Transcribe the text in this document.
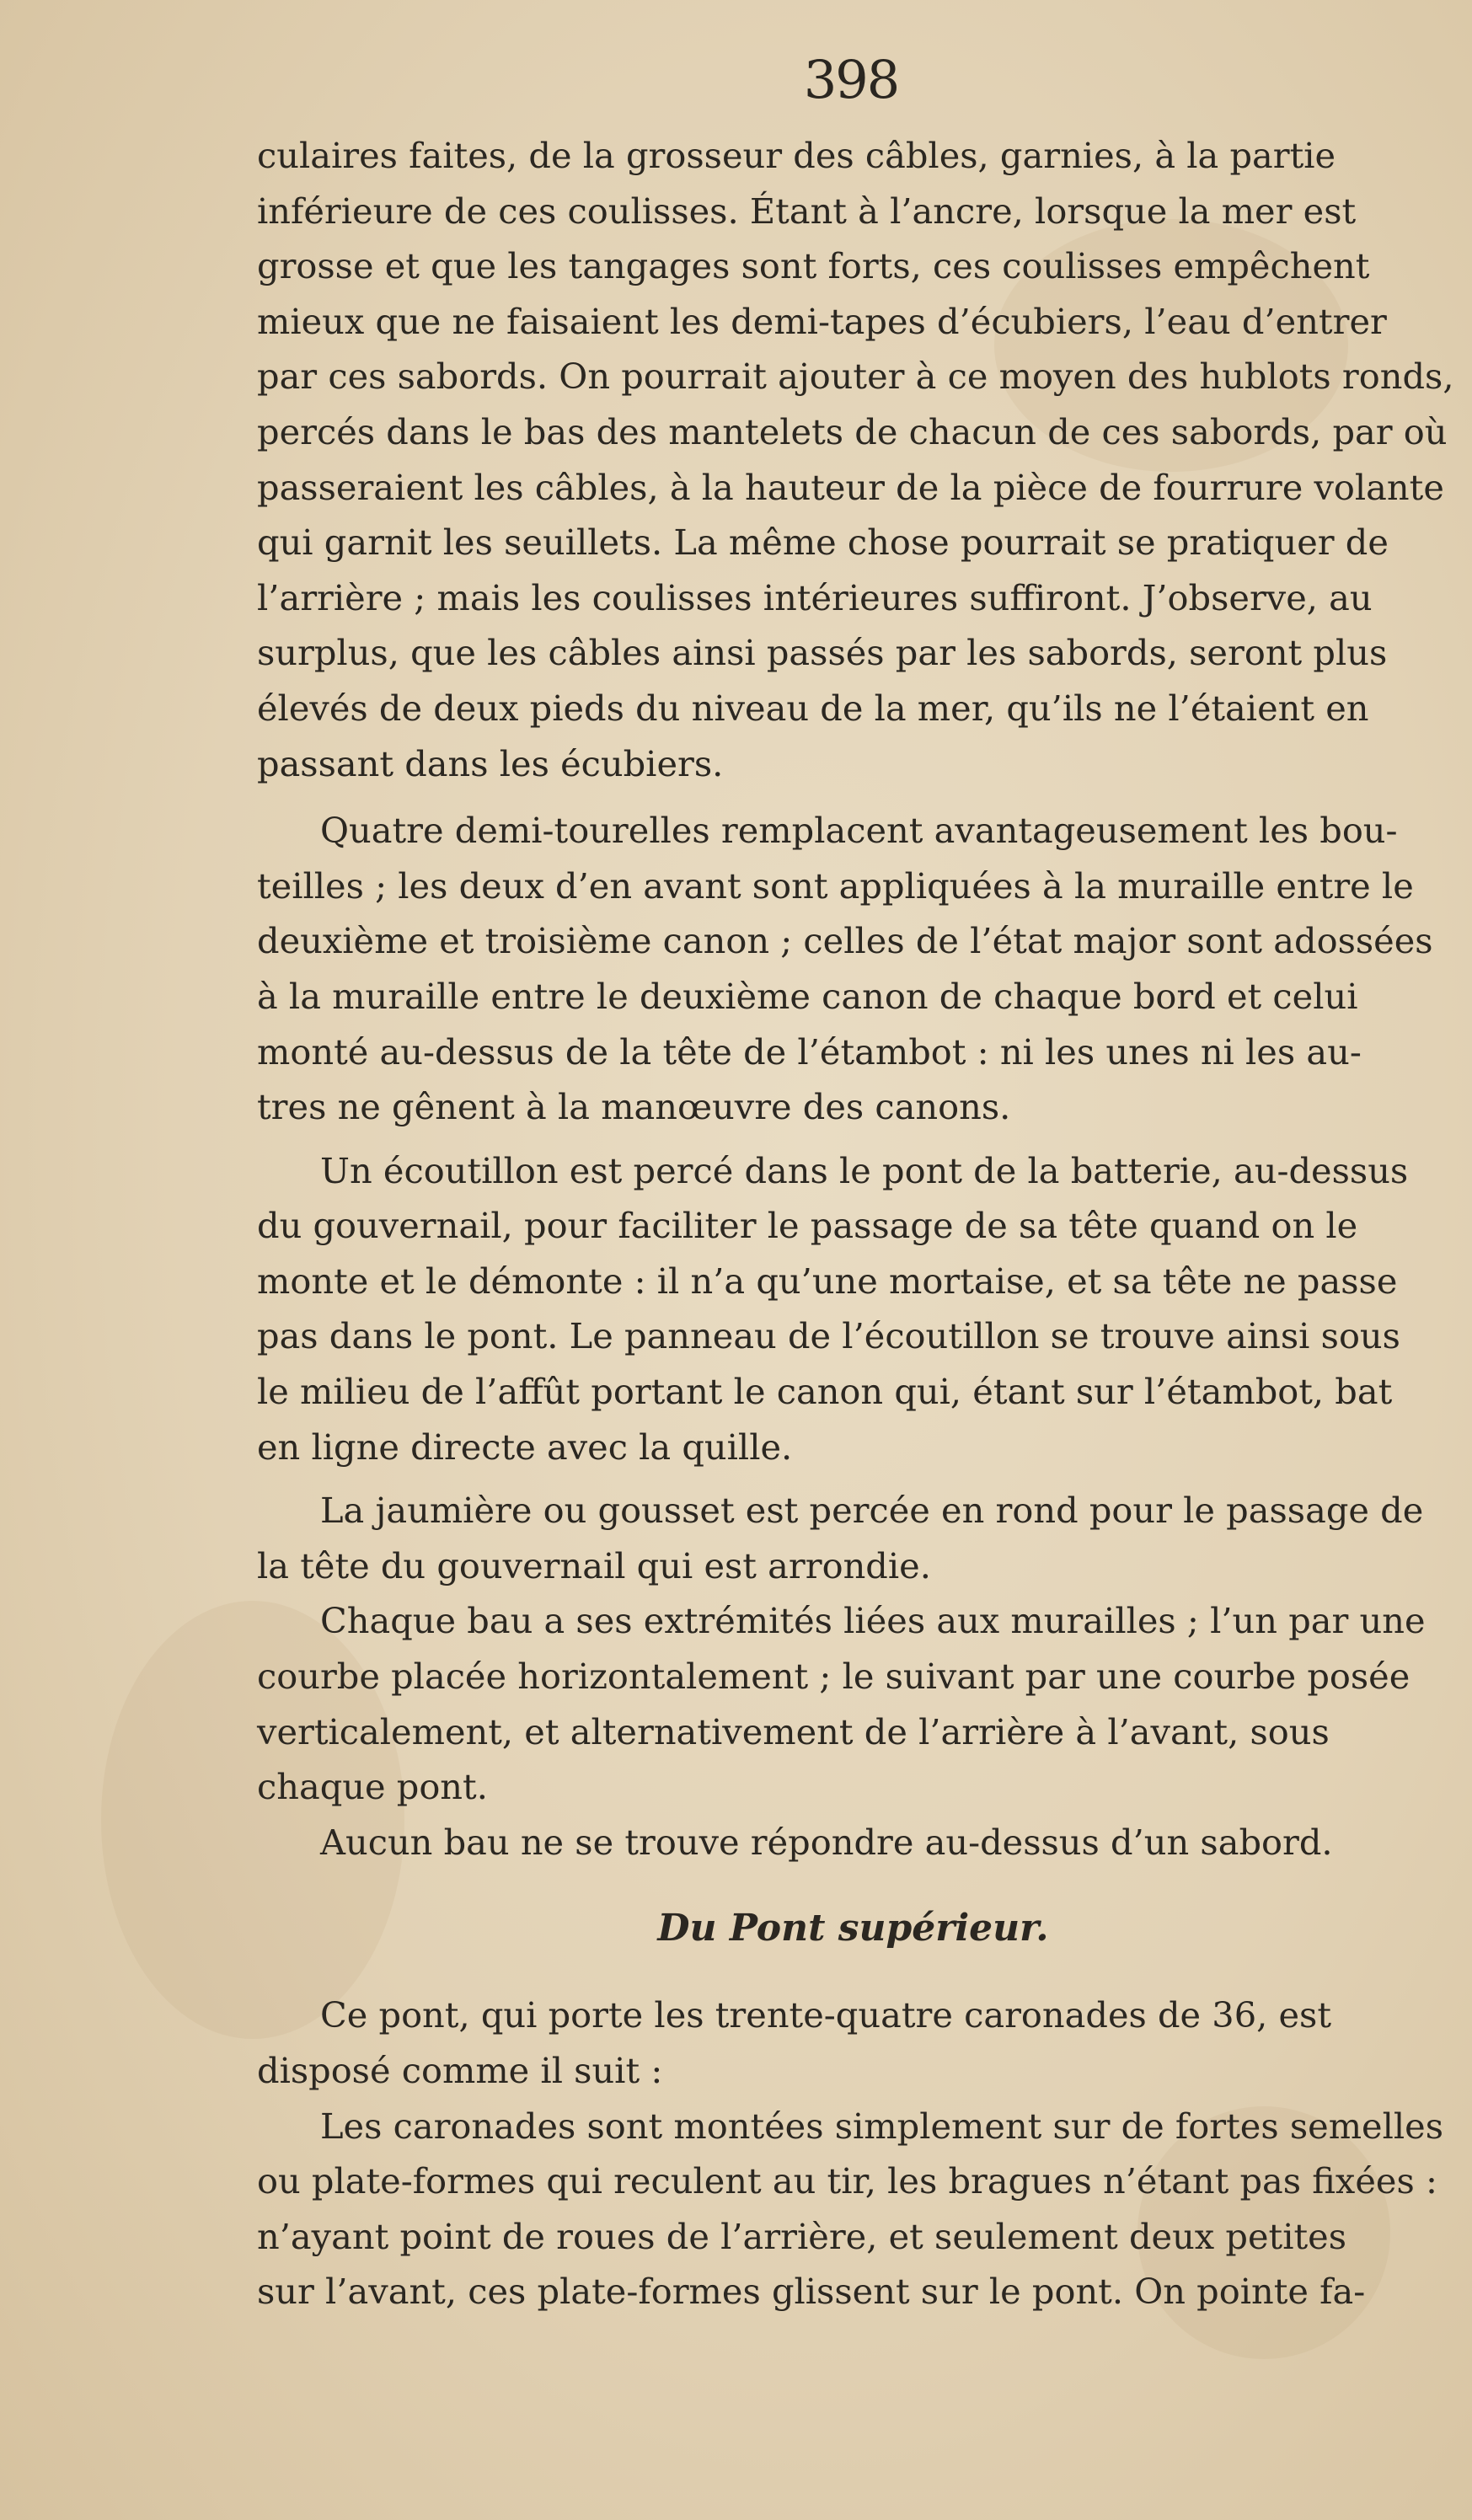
398
culaires faites, de la grosseur des câbles, garnies, à la partie
inférieure de ces coulisses. Étant à l’ancre, lorsque la mer est
grosse et que les tangages sont forts, ces coulisses empêchent
mieux que ne faisaient les demi-tapes d’écubiers, l’eau d’entrer
par ces sabords. On pourrait ajouter à ce moyen des hublots ronds,
percés dans le bas des mantelets de chacun de ces sabords, par où
passeraient les câbles, à la hauteur de la pièce de fourrure volante
qui garnit les seuillets. La même chose pourrait se pratiquer de
l’arrière ; mais les coulisses intérieures suffiront. J’observe, au
surplus, que les câbles ainsi passés par les sabords, seront plus
élevés de deux pieds du niveau de la mer, qu’ils ne l’étaient en
passant dans les écubiers.
Quatre demi-tourelles remplacent avantageusement les bou-
teilles ; les deux d’en avant sont appliquées à la muraille entre le
deuxième et troisième canon ; celles de l’état major sont adossées
à la muraille entre le deuxième canon de chaque bord et celui
monté au-dessus de la tête de l’étambot : ni les unes ni les au-
tres ne gênent à la manœuvre des canons.
Un écoutillon est percé dans le pont de la batterie, au-dessus
du gouvernail, pour faciliter le passage de sa tête quand on le
monte et le démonte : il n’a qu’une mortaise, et sa tête ne passe
pas dans le pont. Le panneau de l’écoutillon se trouve ainsi sous
le milieu de l’affût portant le canon qui, étant sur l’étambot, bat
en ligne directe avec la quille.
La jaumière ou gousset est percée en rond pour le passage de
la tête du gouvernail qui est arrondie.
Chaque bau a ses extrémités liées aux murailles ; l’un par une
courbe placée horizontalement ; le suivant par une courbe posée
verticalement, et alternativement de l’arrière à l’avant, sous
chaque pont.
Aucun bau ne se trouve répondre au-dessus d’un sabord.
Du Pont supérieur.
Ce pont, qui porte les trente-quatre caronades de 36, est
disposé comme il suit :
Les caronades sont montées simplement sur de fortes semelles
ou plate-formes qui reculent au tir, les bragues n’étant pas fixées :
n’ayant point de roues de l’arrière, et seulement deux petites
sur l’avant, ces plate-formes glissent sur le pont. On pointe fa-
